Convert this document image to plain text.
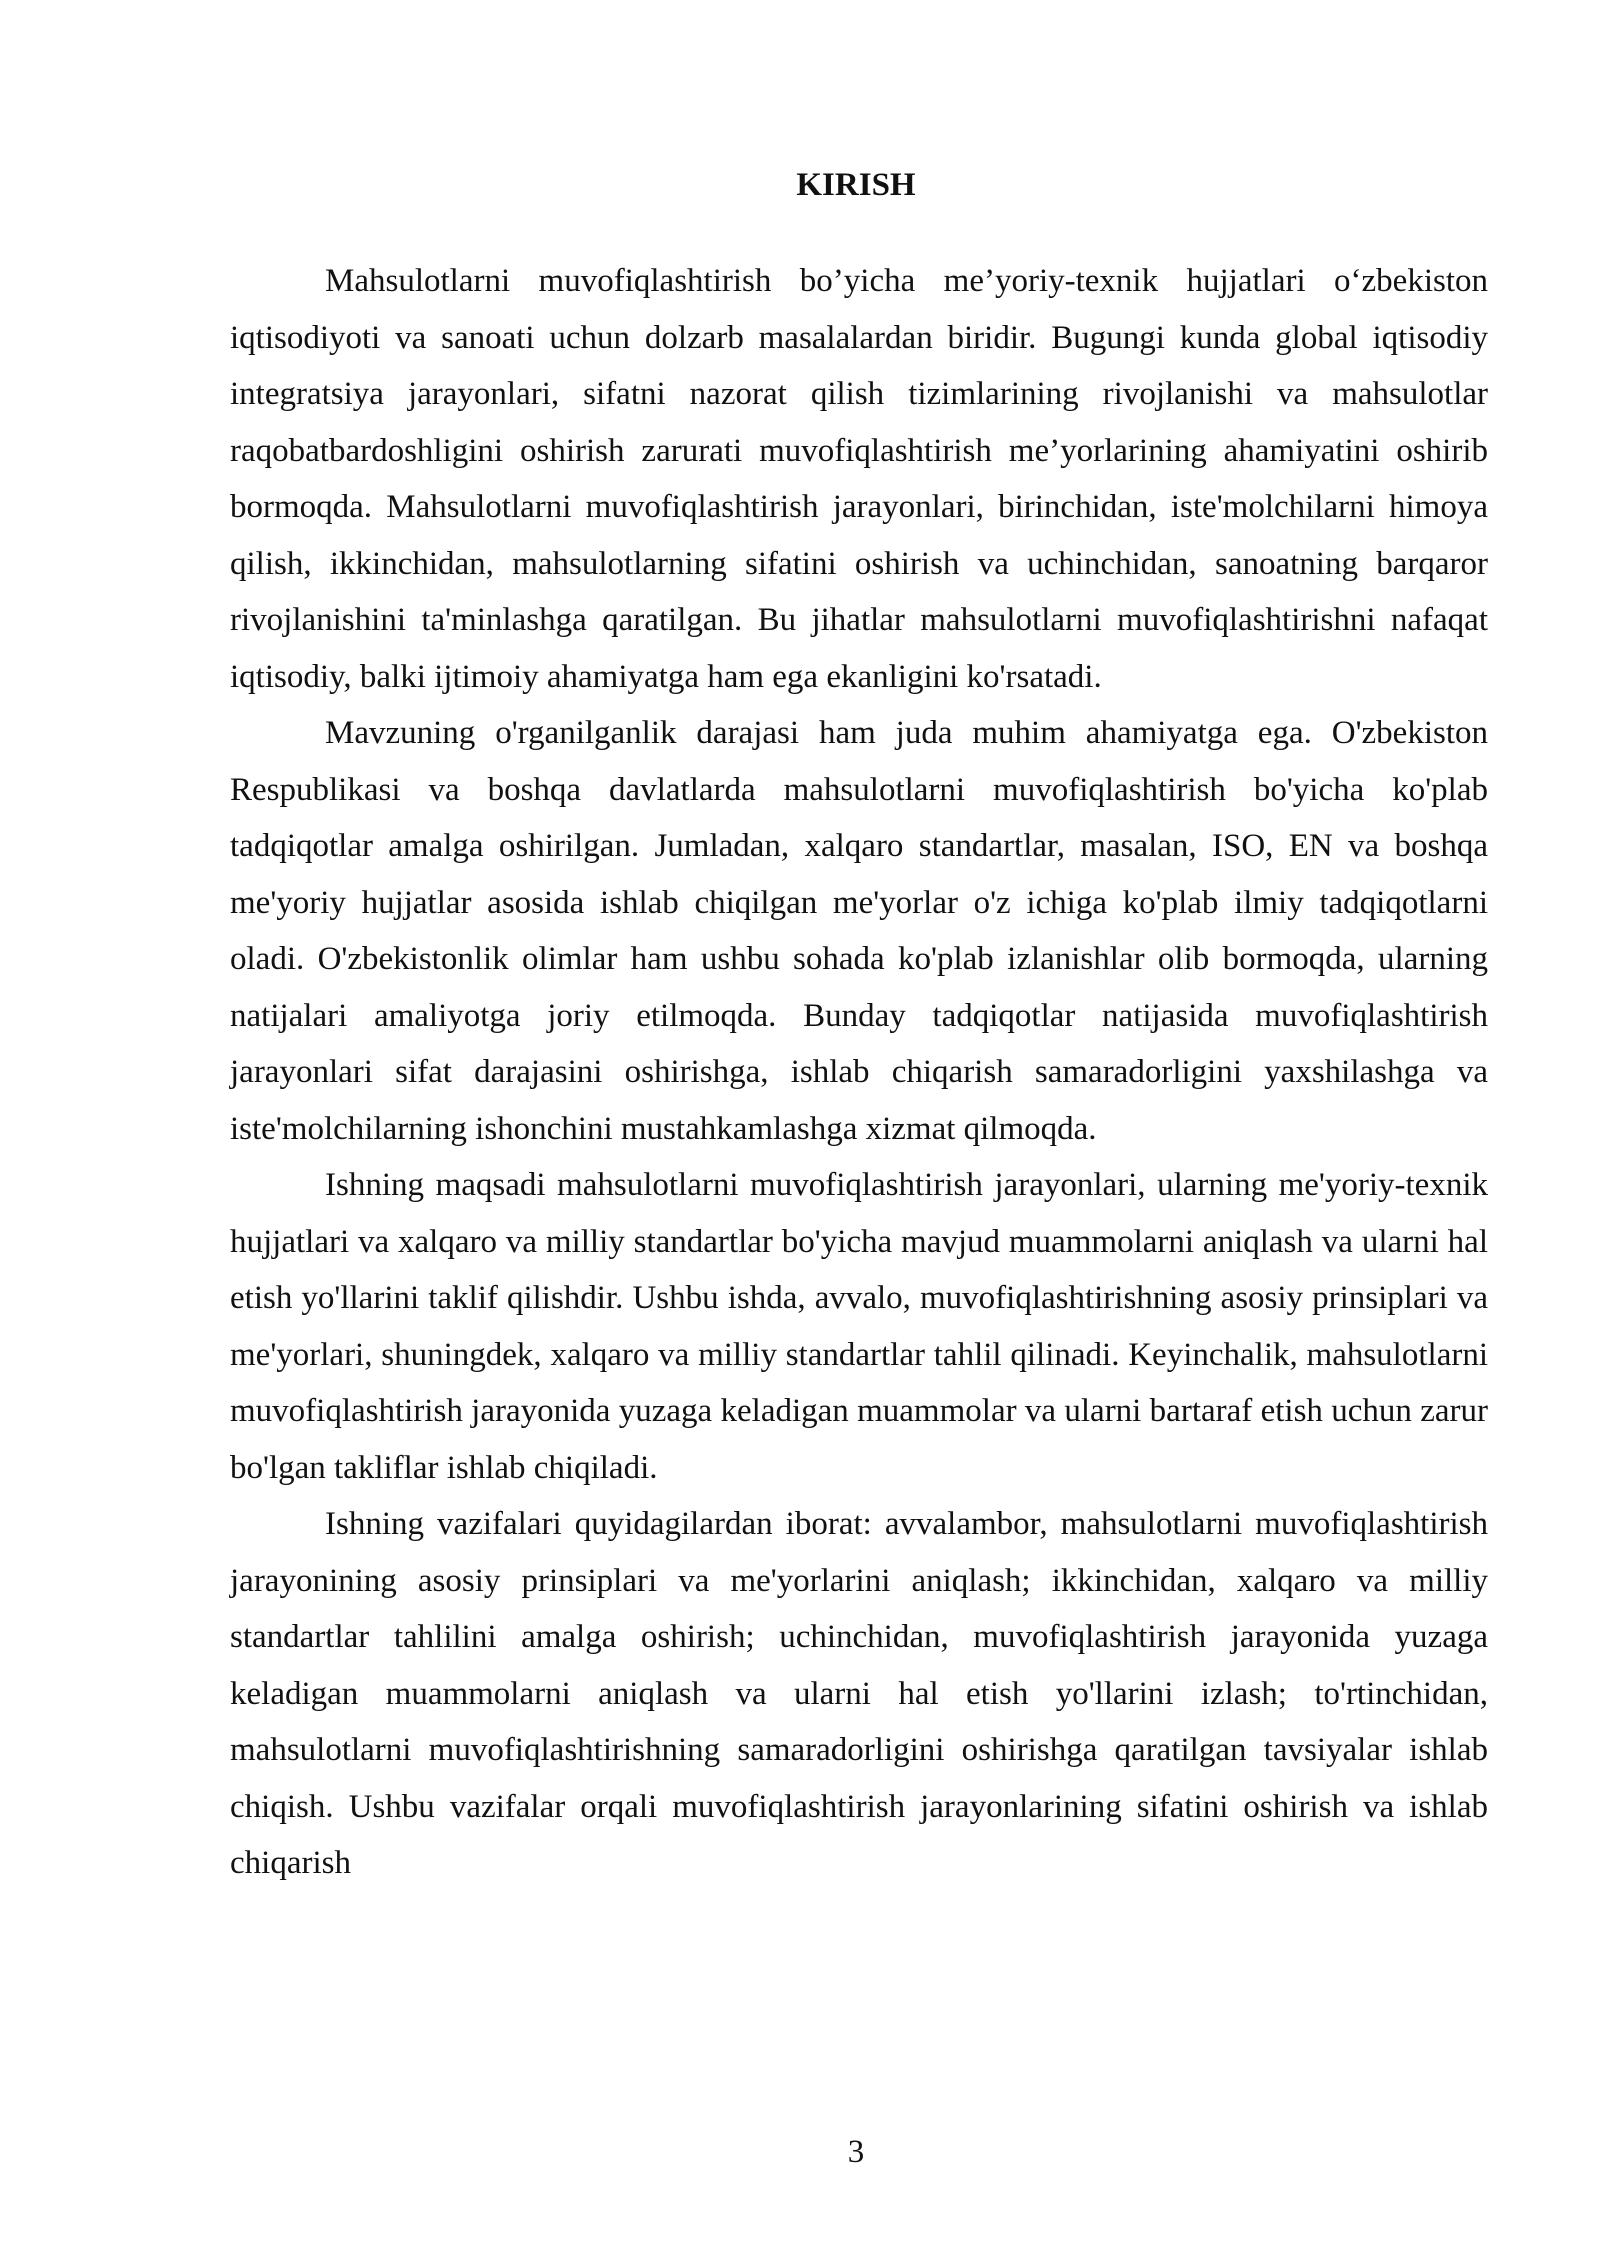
KIRISH

Mahsulotlarni muvofiqlashtirish bo’yicha me’yoriy-texnik hujjatlari o‘zbekiston iqtisodiyoti va sanoati uchun dolzarb masalalardan biridir. Bugungi kunda global iqtisodiy integratsiya jarayonlari, sifatni nazorat qilish tizimlarining rivojlanishi va mahsulotlar raqobatbardoshligini oshirish zarurati muvofiqlashtirish me’yorlarining ahamiyatini oshirib bormoqda. Mahsulotlarni muvofiqlashtirish jarayonlari, birinchidan, iste'molchilarni himoya qilish, ikkinchidan, mahsulotlarning sifatini oshirish va uchinchidan, sanoatning barqaror rivojlanishini ta'minlashga qaratilgan. Bu jihatlar mahsulotlarni muvofiqlashtirishni nafaqat iqtisodiy, balki ijtimoiy ahamiyatga ham ega ekanligini ko'rsatadi.

Mavzuning o'rganilganlik darajasi ham juda muhim ahamiyatga ega. O'zbekiston Respublikasi va boshqa davlatlarda mahsulotlarni muvofiqlashtirish bo'yicha ko'plab tadqiqotlar amalga oshirilgan. Jumladan, xalqaro standartlar, masalan, ISO, EN va boshqa me'yoriy hujjatlar asosida ishlab chiqilgan me'yorlar o'z ichiga ko'plab ilmiy tadqiqotlarni oladi. O'zbekistonlik olimlar ham ushbu sohada ko'plab izlanishlar olib bormoqda, ularning natijalari amaliyotga joriy etilmoqda. Bunday tadqiqotlar natijasida muvofiqlashtirish jarayonlari sifat darajasini oshirishga, ishlab chiqarish samaradorligini yaxshilashga va iste'molchilarning ishonchini mustahkamlashga xizmat qilmoqda.

Ishning maqsadi mahsulotlarni muvofiqlashtirish jarayonlari, ularning me'yoriy-texnik hujjatlari va xalqaro va milliy standartlar bo'yicha mavjud muammolarni aniqlash va ularni hal etish yo'llarini taklif qilishdir. Ushbu ishda, avvalo, muvofiqlashtirishning asosiy prinsiplari va me'yorlari, shuningdek, xalqaro va milliy standartlar tahlil qilinadi. Keyinchalik, mahsulotlarni muvofiqlashtirish jarayonida yuzaga keladigan muammolar va ularni bartaraf etish uchun zarur bo'lgan takliflar ishlab chiqiladi.

Ishning vazifalari quyidagilardan iborat: avvalambor, mahsulotlarni muvofiqlashtirish jarayonining asosiy prinsiplari va me'yorlarini aniqlash; ikkinchidan, xalqaro va milliy standartlar tahlilini amalga oshirish; uchinchidan, muvofiqlashtirish jarayonida yuzaga keladigan muammolarni aniqlash va ularni hal etish yo'llarini izlash; to'rtinchidan, mahsulotlarni muvofiqlashtirishning samaradorligini oshirishga qaratilgan tavsiyalar ishlab chiqish. Ushbu vazifalar orqali muvofiqlashtirish jarayonlarining sifatini oshirish va ishlab chiqarish

3
